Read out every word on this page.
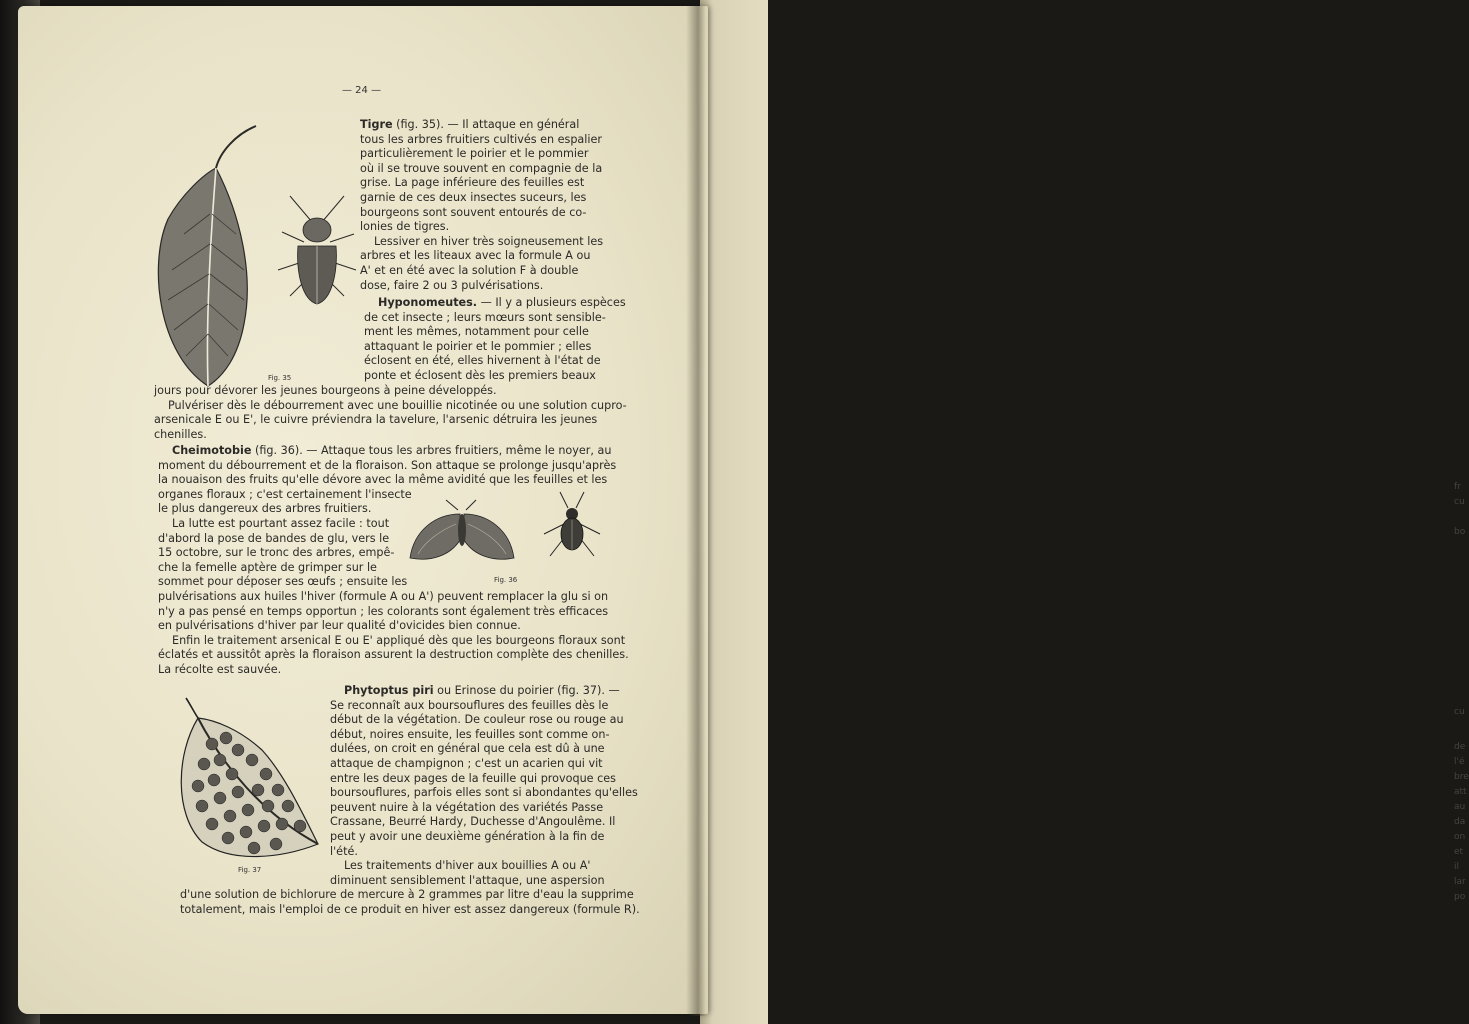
fr
cu
bo
cu
de
l'é
bre
att
au
da
on
et
il
lar
po
— 24 —
Fig. 35
Tigre (fig. 35). — Il attaque en général
tous les arbres fruitiers cultivés en espalier
particulièrement le poirier et le pommier
où il se trouve souvent en compagnie de la
grise. La page inférieure des feuilles est
garnie de ces deux insectes suceurs, les
bourgeons sont souvent entourés de co-
lonies de tigres.
Lessiver en hiver très soigneusement les
arbres et les liteaux avec la formule A ou
A' et en été avec la solution F à double
dose, faire 2 ou 3 pulvérisations.
Hyponomeutes. — Il y a plusieurs espèces
de cet insecte ; leurs mœurs sont sensible-
ment les mêmes, notamment pour celle
attaquant le poirier et le pommier ; elles
éclosent en été, elles hivernent à l'état de
ponte et éclosent dès les premiers beaux
jours pour dévorer les jeunes bourgeons à peine développés.
Pulvériser dès le débourrement avec une bouillie nicotinée ou une solution cupro-
arsenicale E ou E', le cuivre préviendra la tavelure, l'arsenic détruira les jeunes
chenilles.
Cheimotobie (fig. 36). — Attaque tous les arbres fruitiers, même le noyer, au
moment du débourrement et de la floraison. Son attaque se prolonge jusqu'après
la nouaison des fruits qu'elle dévore avec la même avidité que les feuilles et les
organes floraux ; c'est certainement l'insecte
le plus dangereux des arbres fruitiers.
La lutte est pourtant assez facile : tout
d'abord la pose de bandes de glu, vers le
15 octobre, sur le tronc des arbres, empê-
che la femelle aptère de grimper sur le
sommet pour déposer ses œufs ; ensuite les
pulvérisations aux huiles l'hiver (formule A ou A') peuvent remplacer la glu si on
n'y a pas pensé en temps opportun ; les colorants sont également très efficaces
en pulvérisations d'hiver par leur qualité d'ovicides bien connue.
Enfin le traitement arsenical E ou E' appliqué dès que les bourgeons floraux sont
éclatés et aussitôt après la floraison assurent la destruction complète des chenilles.
La récolte est sauvée.
Fig. 36
Fig. 37
Phytoptus piri ou Erinose du poirier (fig. 37). —
Se reconnaît aux boursouflures des feuilles dès le
début de la végétation. De couleur rose ou rouge au
début, noires ensuite, les feuilles sont comme on-
dulées, on croit en général que cela est dû à une
attaque de champignon ; c'est un acarien qui vit
entre les deux pages de la feuille qui provoque ces
boursouflures, parfois elles sont si abondantes qu'elles
peuvent nuire à la végétation des variétés Passe
Crassane, Beurré Hardy, Duchesse d'Angoulême. Il
peut y avoir une deuxième génération à la fin de
l'été.
Les traitements d'hiver aux bouillies A ou A'
diminuent sensiblement l'attaque, une aspersion
d'une solution de bichlorure de mercure à 2 grammes par litre d'eau la supprime
totalement, mais l'emploi de ce produit en hiver est assez dangereux (formule R).
